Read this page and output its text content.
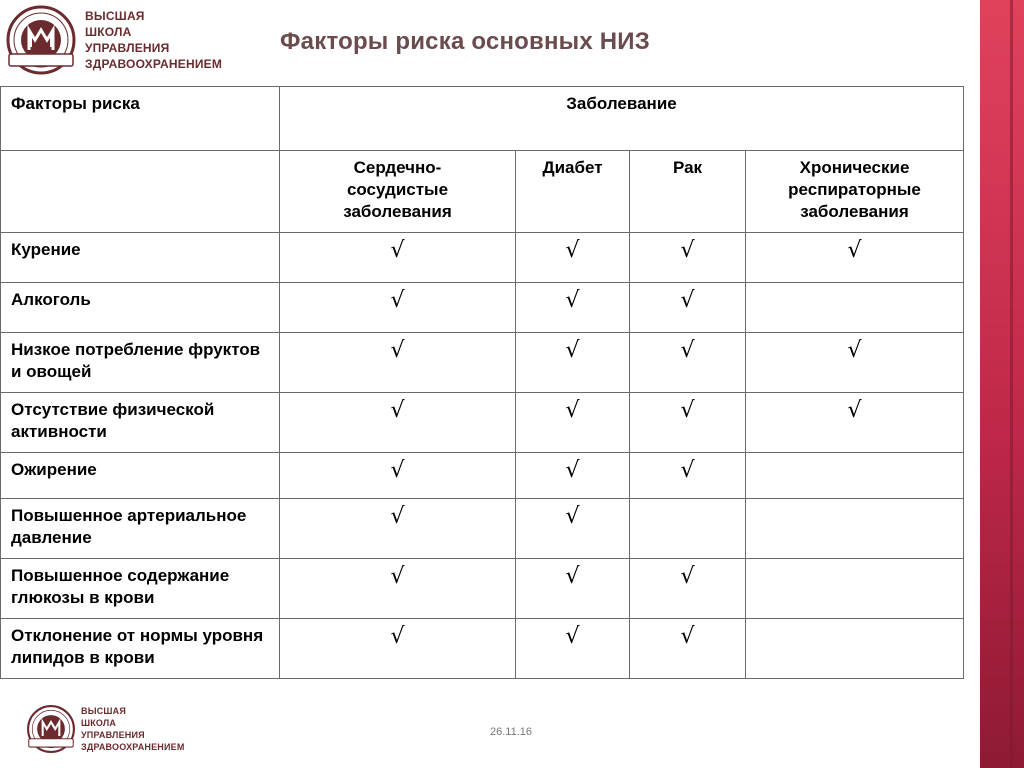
ВЫСШАЯ
ШКОЛА
УПРАВЛЕНИЯ
ЗДРАВООХРАНЕНИЕМ
Факторы риска основных НИЗ
Факторы риска	Заболевание			
	Сердечно-сосудистые заболевания	Диабет	Рак	Хронические респираторные заболевания
Курение	√	√	√	√
Алкоголь	√	√	√	
Низкое потребление фруктов и овощей	√	√	√	√
Отсутствие физической активности	√	√	√	√
Ожирение	√	√	√	
Повышенное артериальное давление	√	√		
Повышенное содержание глюкозы в крови	√	√	√	
Отклонение от нормы уровня липидов в крови	√	√	√	
ВЫСШАЯ
ШКОЛА
УПРАВЛЕНИЯ
ЗДРАВООХРАНЕНИЕМ
26.11.16
